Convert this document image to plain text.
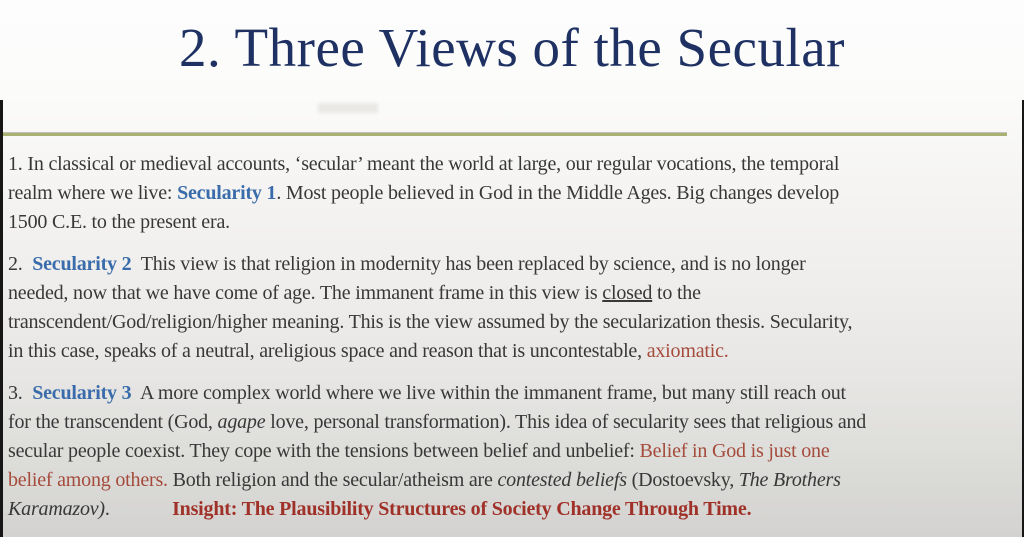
2. Three Views of the Secular
1. In classical or medieval accounts, ‘secular’ meant the world at large, our regular vocations, the temporal
realm where we live: Secularity 1. Most people believed in God in the Middle Ages. Big changes develop
1500 C.E. to the present era.
2.  Secularity 2  This view is that religion in modernity has been replaced by science, and is no longer
needed, now that we have come of age. The immanent frame in this view is closed to the
transcendent/God/religion/higher meaning. This is the view assumed by the secularization thesis. Secularity,
in this case, speaks of a neutral, areligious space and reason that is uncontestable, axiomatic.
3.  Secularity 3  A more complex world where we live within the immanent frame, but many still reach out
for the transcendent (God, agape love, personal transformation). This idea of secularity sees that religious and
secular people coexist. They cope with the tensions between belief and unbelief: Belief in God is just one
belief among others. Both religion and the secular/atheism are contested beliefs (Dostoevsky, The Brothers
Karamazov).             Insight: The Plausibility Structures of Society Change Through Time.
